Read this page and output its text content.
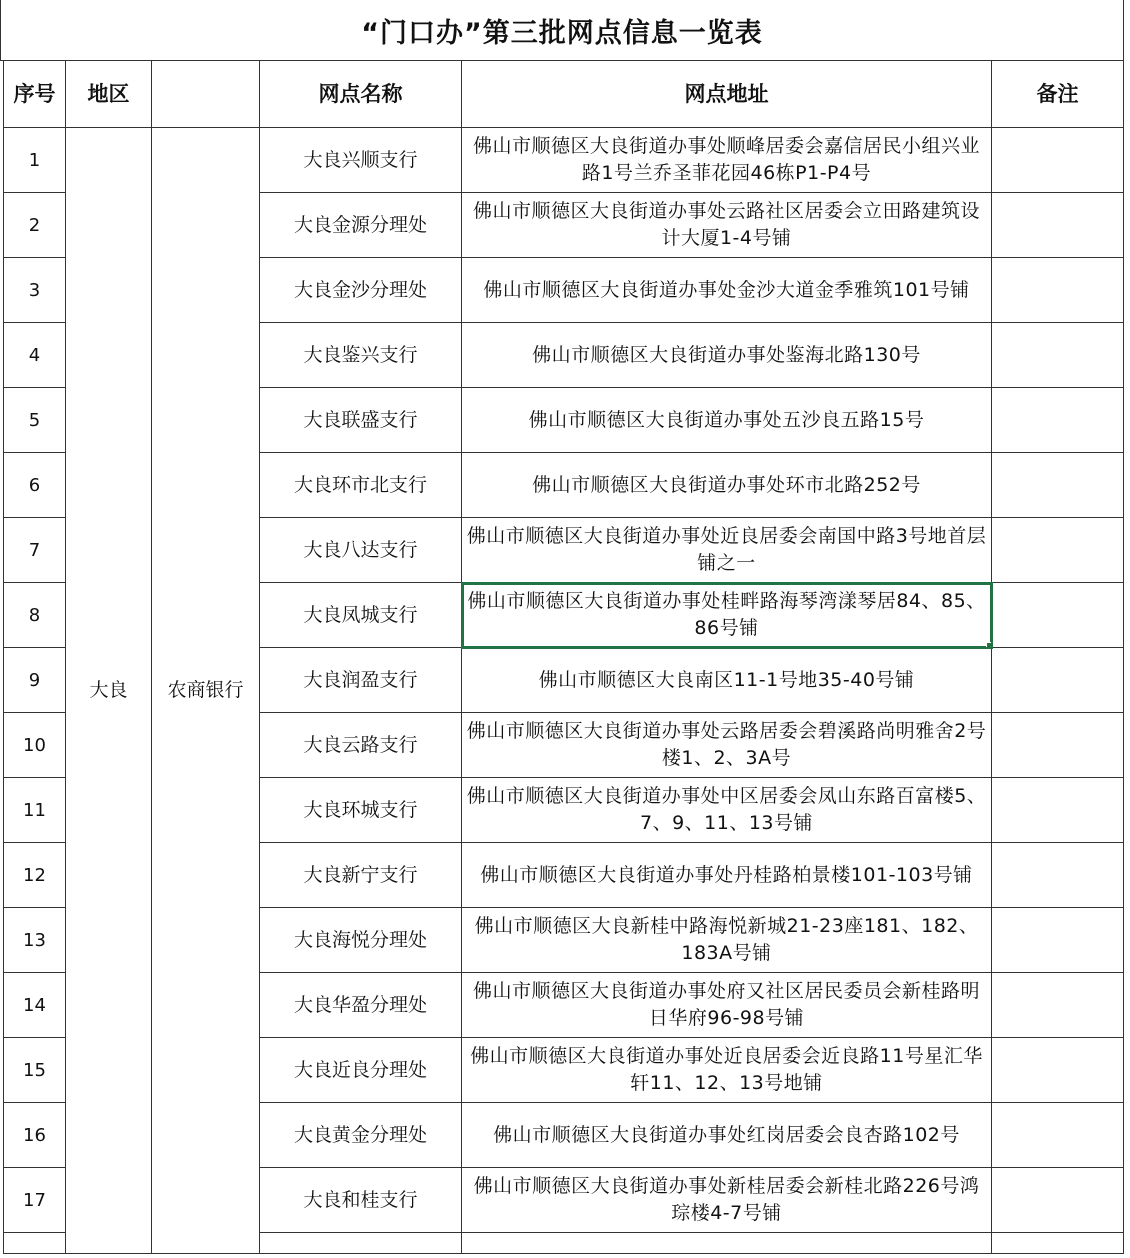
“门口办”第三批网点信息一览表
序号	地区		网点名称	网点地址	备注
1	大良	农商银行	大良兴顺支行	佛山市顺德区大良街道办事处顺峰居委会嘉信居民小组兴业路1号兰乔圣菲花园46栋P1-P4号	
2			大良金源分理处	佛山市顺德区大良街道办事处云路社区居委会立田路建筑设计大厦1-4号铺	
3			大良金沙分理处	佛山市顺德区大良街道办事处金沙大道金季雅筑101号铺	
4			大良鉴兴支行	佛山市顺德区大良街道办事处鉴海北路130号	
5			大良联盛支行	佛山市顺德区大良街道办事处五沙良五路15号	
6			大良环市北支行	佛山市顺德区大良街道办事处环市北路252号	
7			大良八达支行	佛山市顺德区大良街道办事处近良居委会南国中路3号地首层铺之一	
8			大良凤城支行	佛山市顺德区大良街道办事处桂畔路海琴湾漾琴居84、85、86号铺

9			大良润盈支行	佛山市顺德区大良南区11-1号地35-40号铺	
10			大良云路支行	佛山市顺德区大良街道办事处云路居委会碧溪路尚明雅舍2号楼1、2、3A号	
11			大良环城支行	佛山市顺德区大良街道办事处中区居委会凤山东路百富楼5、7、9、11、13号铺	
12			大良新宁支行	佛山市顺德区大良街道办事处丹桂路柏景楼101-103号铺	
13			大良海悦分理处	佛山市顺德区大良新桂中路海悦新城21-23座181、182、183A号铺	
14			大良华盈分理处	佛山市顺德区大良街道办事处府又社区居民委员会新桂路明日华府96-98号铺	
15			大良近良分理处	佛山市顺德区大良街道办事处近良居委会近良路11号星汇华轩11、12、13号地铺	
16			大良黄金分理处	佛山市顺德区大良街道办事处红岗居委会良杏路102号	
17			大良和桂支行	佛山市顺德区大良街道办事处新桂居委会新桂北路226号鸿琮楼4-7号铺	
